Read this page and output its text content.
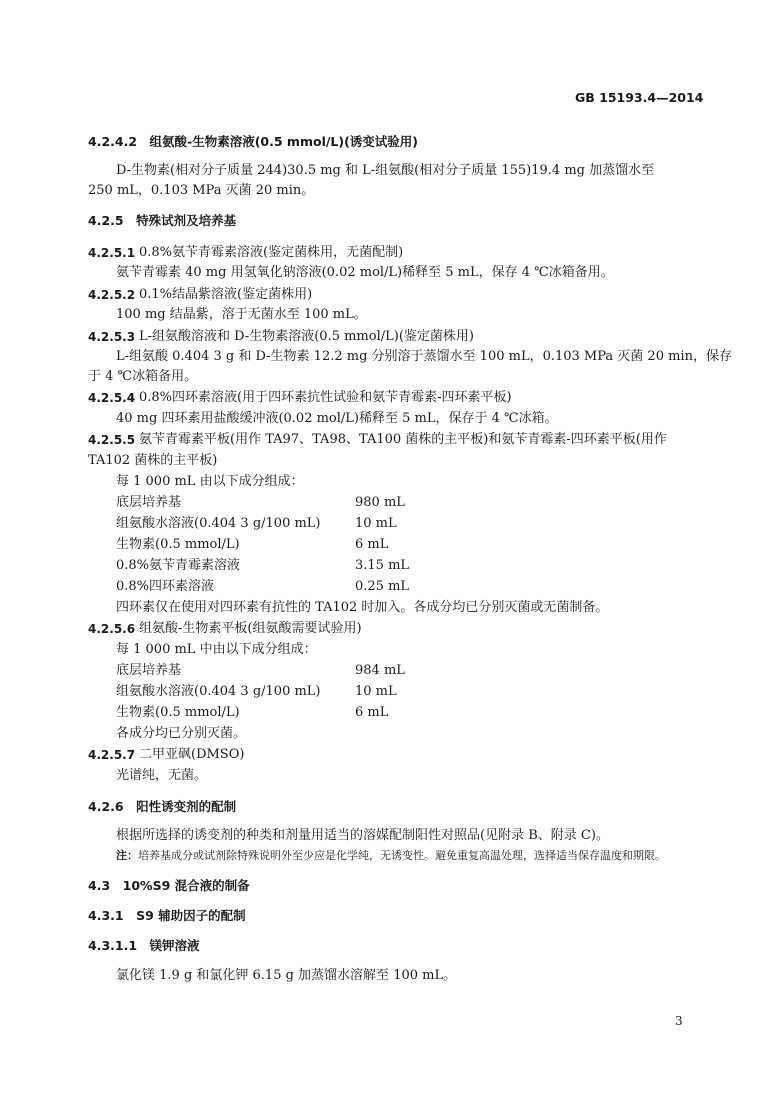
GB 15193.4—2014
4.2.4.2　组氨酸-生物素溶液(0.5 mmol/L)(诱变试验用)
D-生物素(相对分子质量 244)30.5 mg 和 L-组氨酸(相对分子质量 155)19.4 mg 加蒸馏水至
250 mL，0.103 MPa 灭菌 20 min。
4.2.5　特殊试剂及培养基
4.2.5.1 0.8%氨苄青霉素溶液(鉴定菌株用，无菌配制)
氨苄青霉素 40 mg 用氢氧化钠溶液(0.02 mol/L)稀释至 5 mL，保存 4 ℃冰箱备用。
4.2.5.2 0.1%结晶紫溶液(鉴定菌株用)
100 mg 结晶紫，溶于无菌水至 100 mL。
4.2.5.3 L-组氨酸溶液和 D-生物素溶液(0.5 mmol/L)(鉴定菌株用)
L-组氨酸 0.404 3 g 和 D-生物素 12.2 mg 分别溶于蒸馏水至 100 mL，0.103 MPa 灭菌 20 min，保存
于 4 ℃冰箱备用。
4.2.5.4 0.8%四环素溶液(用于四环素抗性试验和氨苄青霉素-四环素平板)
40 mg 四环素用盐酸缓冲液(0.02 mol/L)稀释至 5 mL，保存于 4 ℃冰箱。
4.2.5.5 氨苄青霉素平板(用作 TA97、TA98、TA100 菌株的主平板)和氨苄青霉素-四环素平板(用作
TA102 菌株的主平板)
每 1 000 mL 由以下成分组成：
底层培养基	980 mL
组氨酸水溶液(0.404 3 g/100 mL)	10 mL
生物素(0.5 mmol/L)	6 mL
0.8%氨苄青霉素溶液	3.15 mL
0.8%四环素溶液	0.25 mL
四环素仅在使用对四环素有抗性的 TA102 时加入。各成分均已分别灭菌或无菌制备。
4.2.5.6 组氨酸-生物素平板(组氨酸需要试验用)
每 1 000 mL 中由以下成分组成：
底层培养基	984 mL
组氨酸水溶液(0.404 3 g/100 mL)	10 mL
生物素(0.5 mmol/L)	6 mL
各成分均已分别灭菌。
4.2.5.7 二甲亚砜(DMSO)
光谱纯，无菌。
4.2.6　阳性诱变剂的配制
根据所选择的诱变剂的种类和剂量用适当的溶媒配制阳性对照品(见附录 B、附录 C)。
注：培养基成分或试剂除特殊说明外至少应是化学纯，无诱变性。避免重复高温处理，选择适当保存温度和期限。
4.3　10%S9 混合液的制备
4.3.1　S9 辅助因子的配制
4.3.1.1　镁钾溶液
氯化镁 1.9 g 和氯化钾 6.15 g 加蒸馏水溶解至 100 mL。
3
